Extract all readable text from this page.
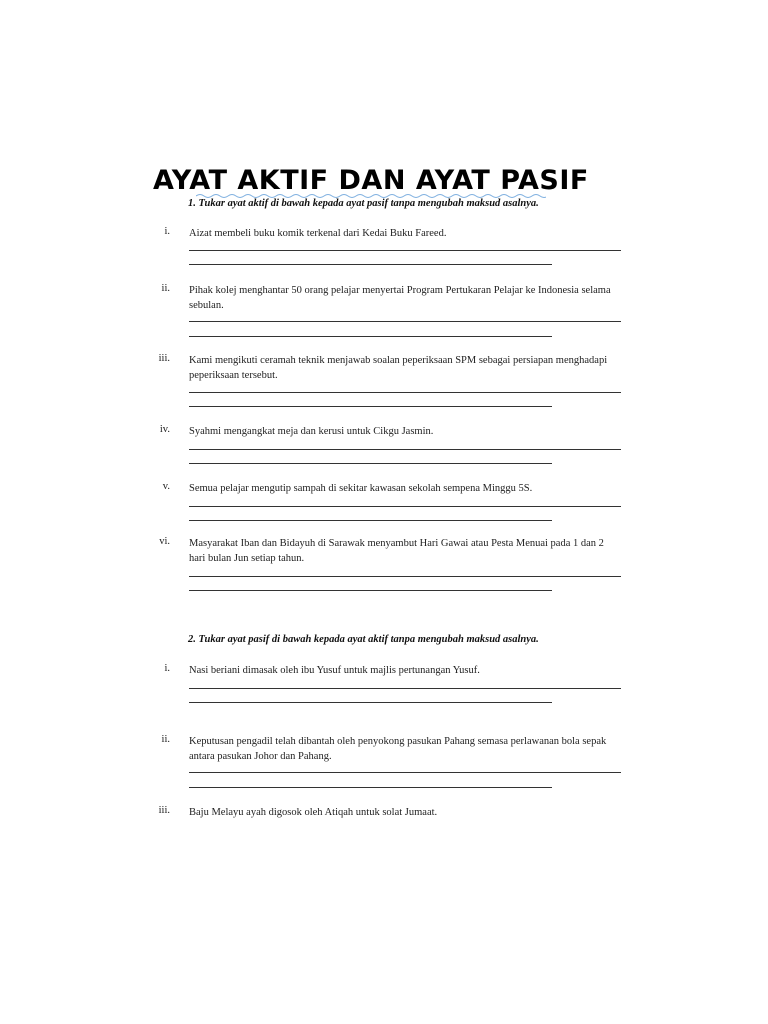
AYAT AKTIF DAN AYAT PASIF
1. Tukar ayat aktif di bawah kepada ayat pasif tanpa mengubah maksud asalnya.
i. Aizat membeli buku komik terkenal dari Kedai Buku Fareed.
ii. Pihak kolej menghantar 50 orang pelajar menyertai Program Pertukaran Pelajar ke Indonesia selama sebulan.
iii. Kami mengikuti ceramah teknik menjawab soalan peperiksaan SPM sebagai persiapan menghadapi peperiksaan tersebut.
iv. Syahmi mengangkat meja dan kerusi untuk Cikgu Jasmin.
v. Semua pelajar mengutip sampah di sekitar kawasan sekolah sempena Minggu 5S.
vi. Masyarakat Iban dan Bidayuh di Sarawak menyambut Hari Gawai atau Pesta Menuai pada 1 dan 2 hari bulan Jun setiap tahun.
2. Tukar ayat pasif di bawah kepada ayat aktif tanpa mengubah maksud asalnya.
i. Nasi beriani dimasak oleh ibu Yusuf untuk majlis pertunangan Yusuf.
ii. Keputusan pengadil telah dibantah oleh penyokong pasukan Pahang semasa perlawanan bola sepak antara pasukan Johor dan Pahang.
iii. Baju Melayu ayah digosok oleh Atiqah untuk solat Jumaat.
